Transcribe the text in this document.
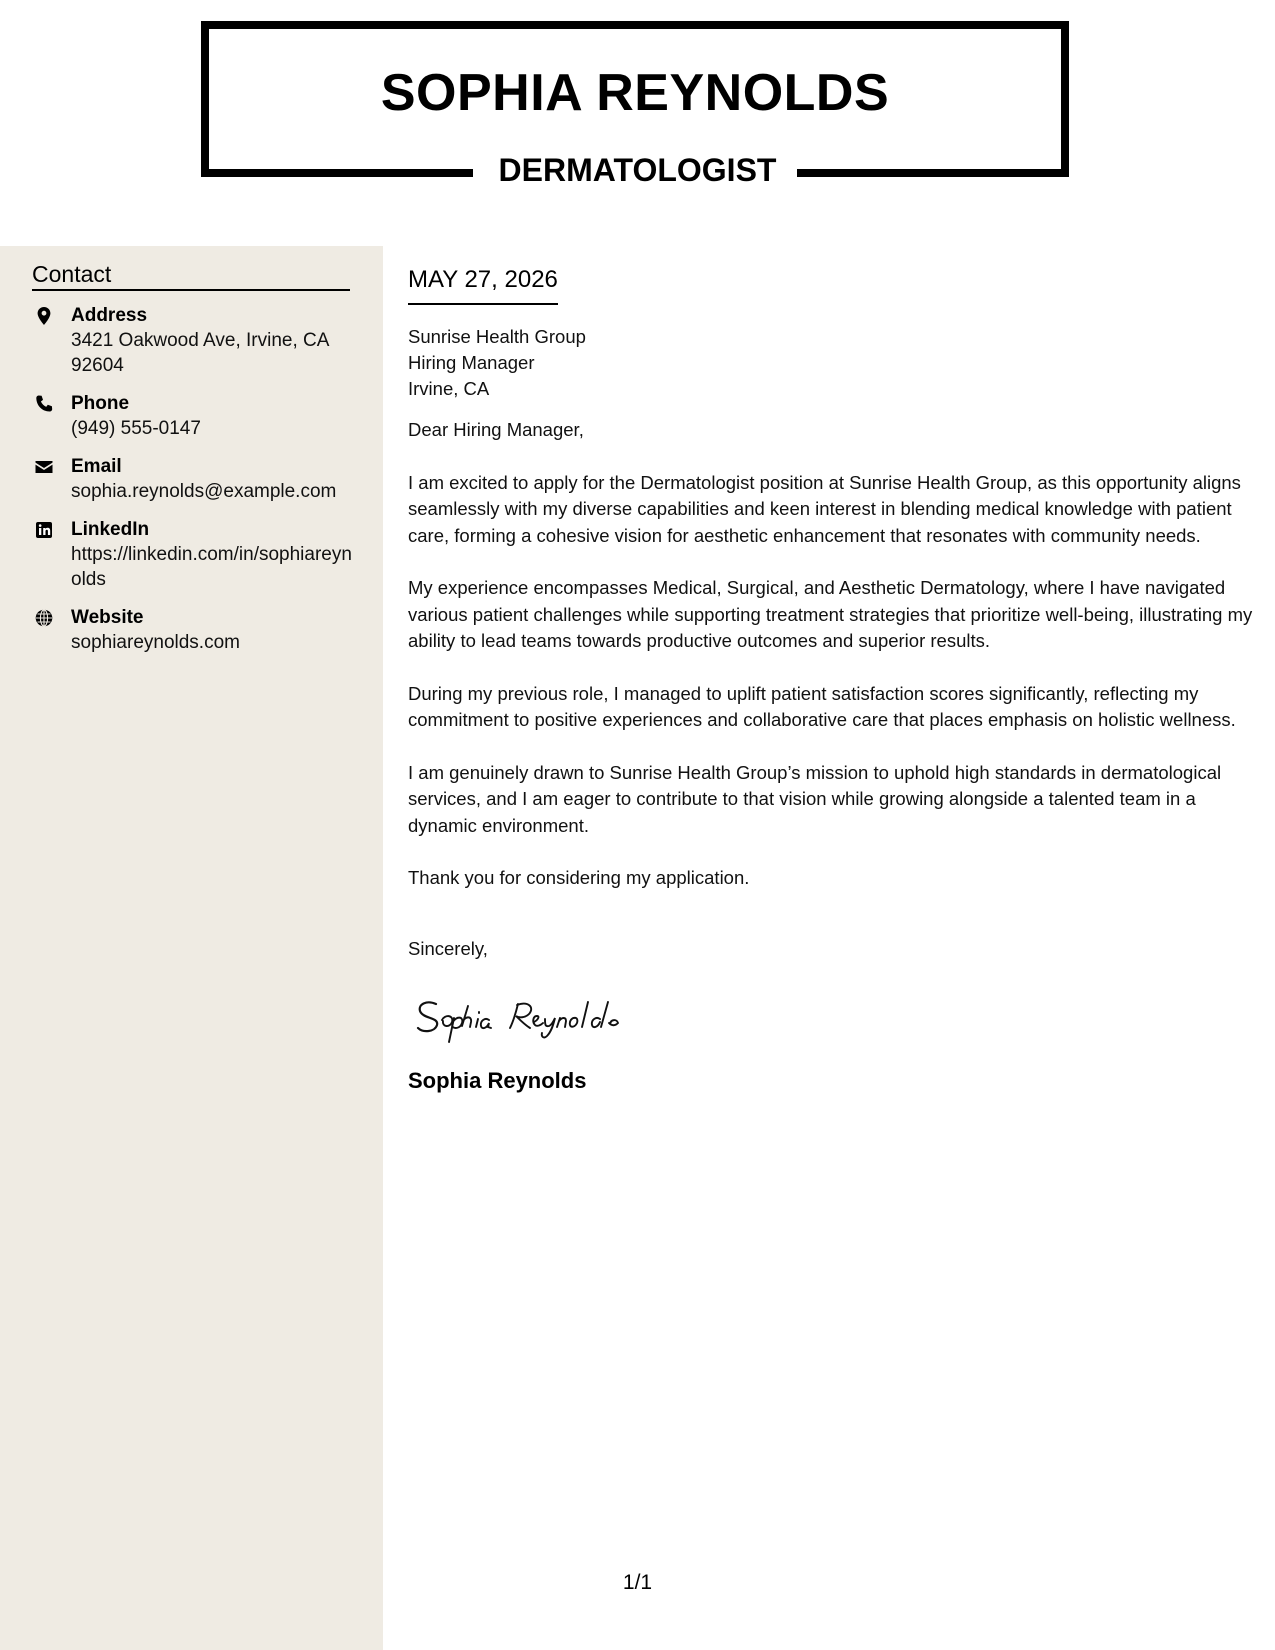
SOPHIA REYNOLDS
DERMATOLOGIST
Contact
Address
3421 Oakwood Ave, Irvine, CA 92604
Phone
(949) 555-0147
Email
sophia.reynolds@example.com
LinkedIn
https://linkedin.com/in/sophiareynolds
Website
sophiareynolds.com
MAY 27, 2026
Sunrise Health Group
Hiring Manager
Irvine, CA
Dear Hiring Manager,
I am excited to apply for the Dermatologist position at Sunrise Health Group, as this opportunity aligns seamlessly with my diverse capabilities and keen interest in blending medical knowledge with patient care, forming a cohesive vision for aesthetic enhancement that resonates with community needs.
My experience encompasses Medical, Surgical, and Aesthetic Dermatology, where I have navigated various patient challenges while supporting treatment strategies that prioritize well-being, illustrating my ability to lead teams towards productive outcomes and superior results.
During my previous role, I managed to uplift patient satisfaction scores significantly, reflecting my commitment to positive experiences and collaborative care that places emphasis on holistic wellness.
I am genuinely drawn to Sunrise Health Group’s mission to uphold high standards in dermatological services, and I am eager to contribute to that vision while growing alongside a talented team in a dynamic environment.
Thank you for considering my application.
Sincerely,
Sophia Reynolds
1/1
